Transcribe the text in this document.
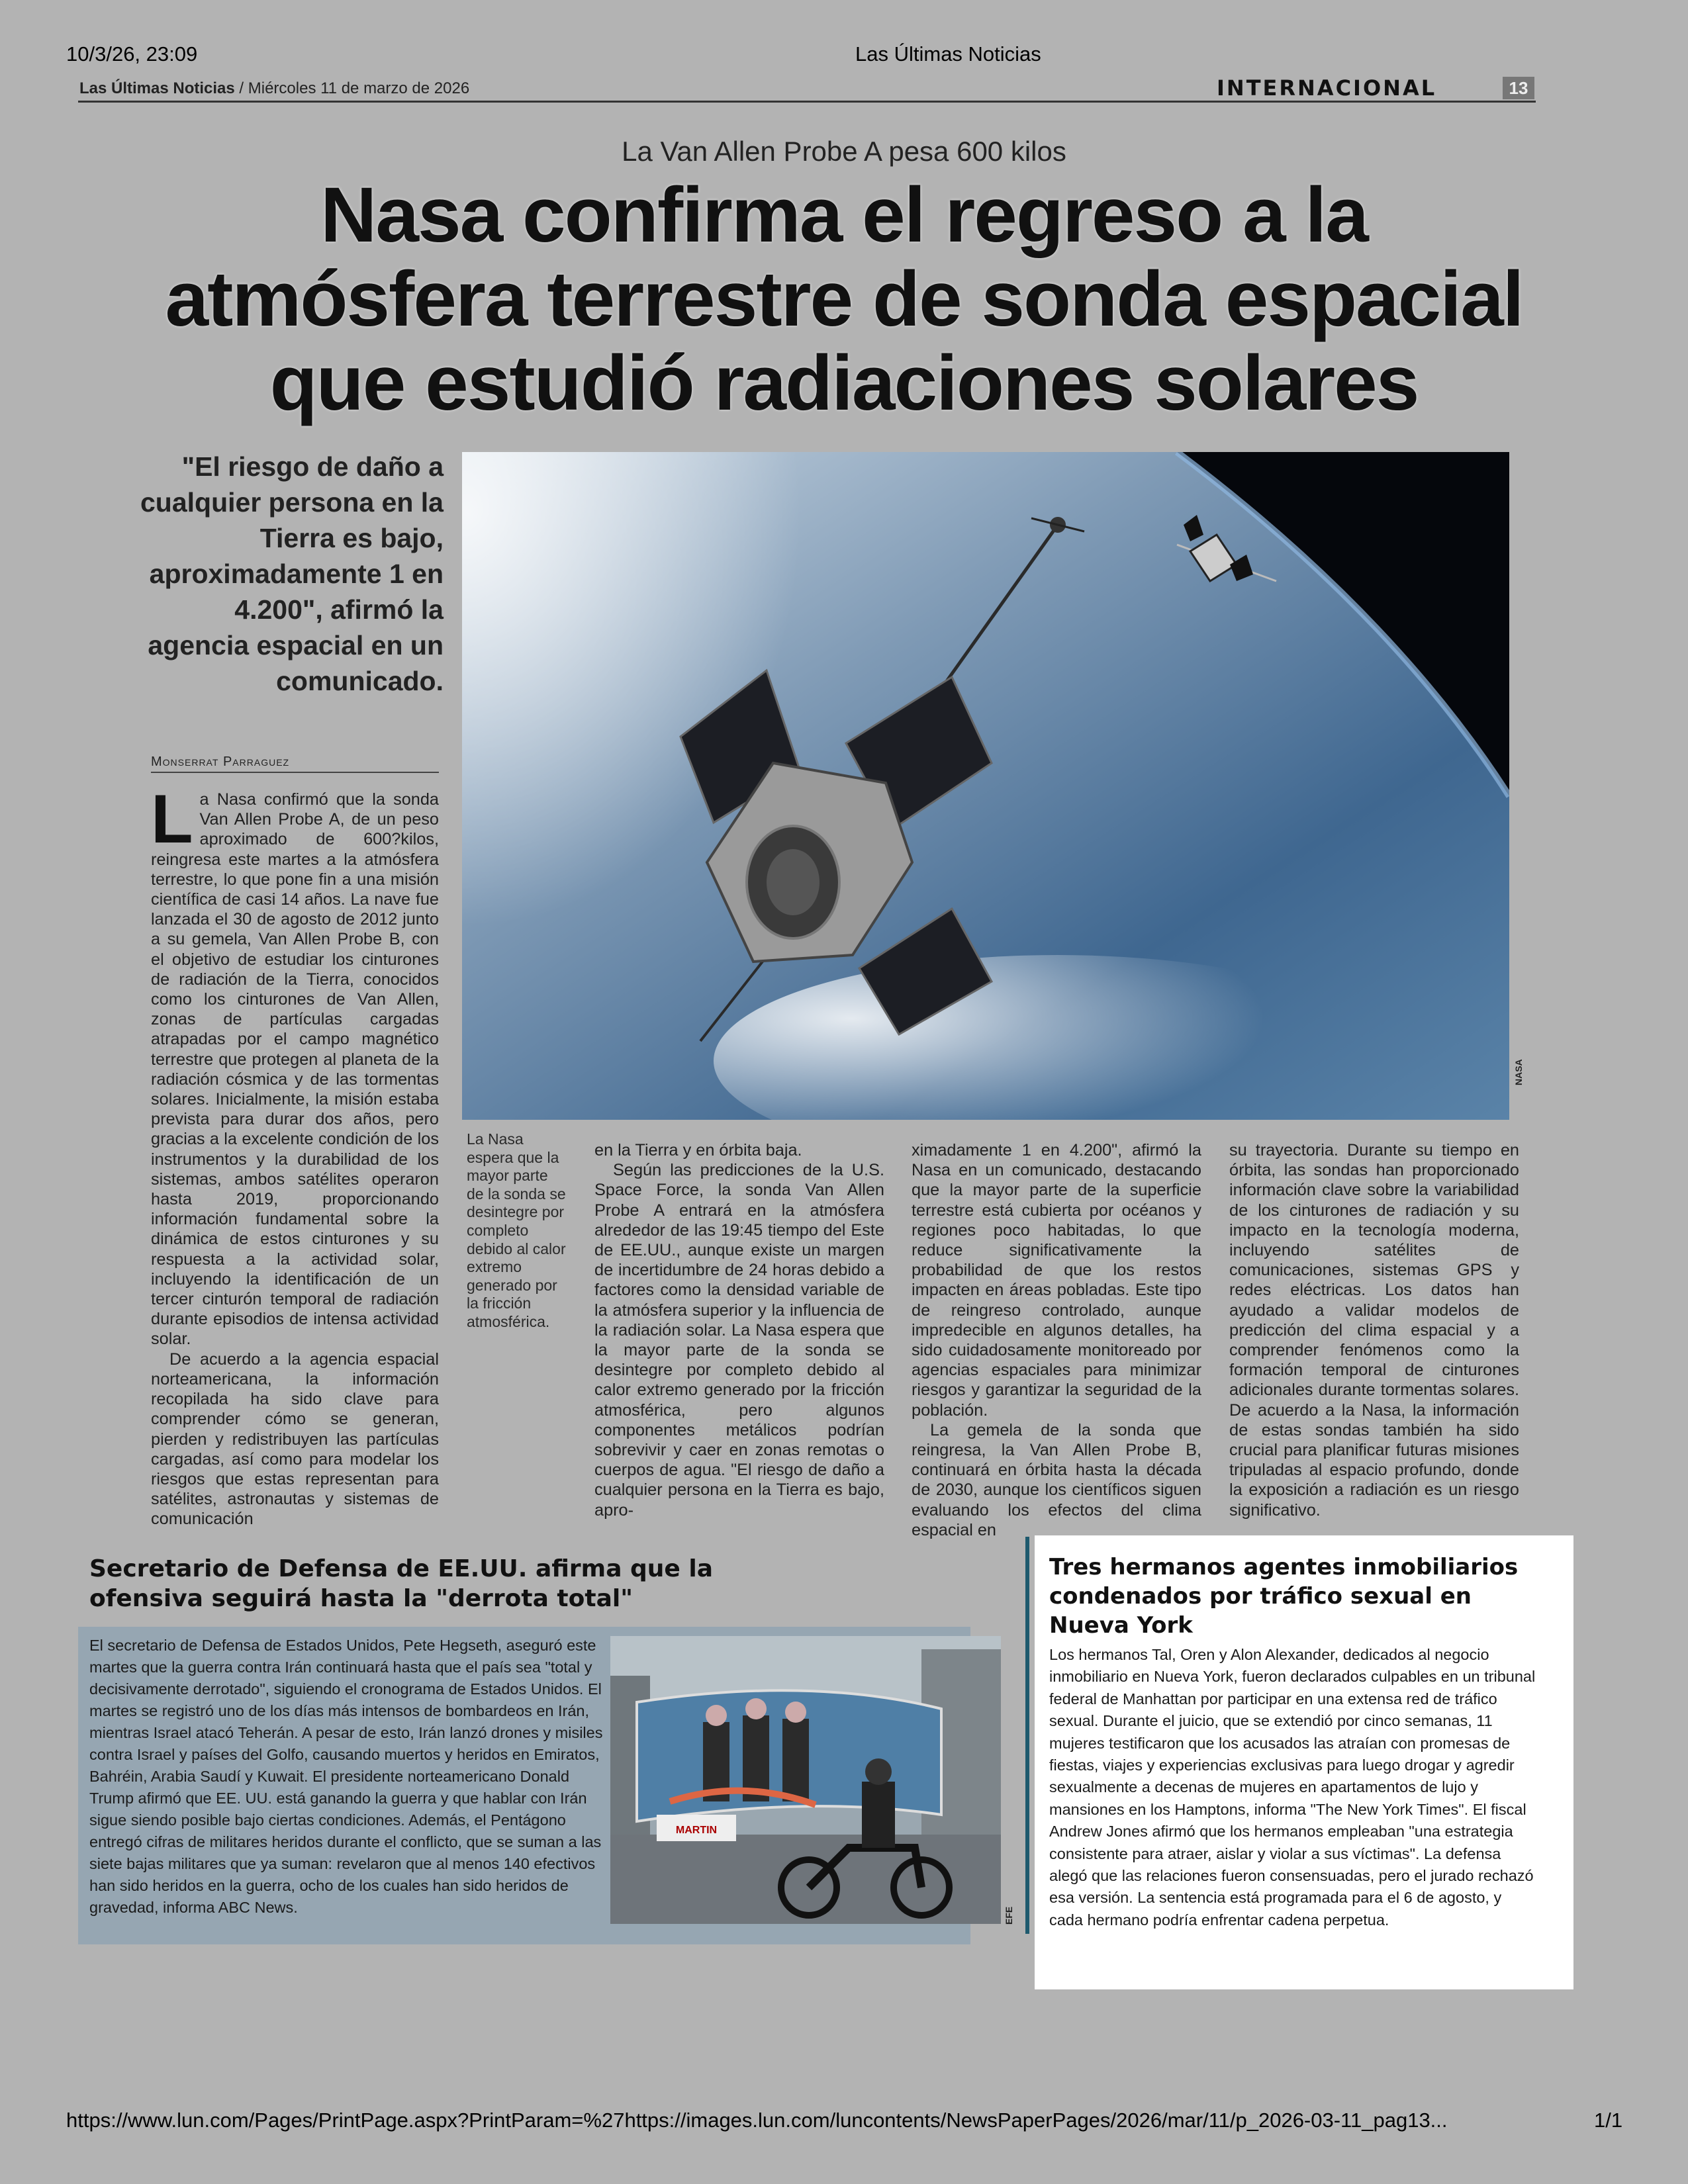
10/3/26, 23:09	Las Últimas Noticias
https://www.lun.com/Pages/PrintPage.aspx?PrintParam=%27https://images.lun.com/luncontents/NewsPaperPages/2026/mar/11/p_2026-03-11_pag13...	1/1
Las Últimas Noticias / Miércoles 11 de marzo de 2026	INTERNACIONAL	13
La Van Allen Probe A pesa 600 kilos
Nasa confirma el regreso a la
atmósfera terrestre de sonda espacial
que estudió radiaciones solares
"El riesgo de daño a cualquier persona en la Tierra es bajo, aproximadamente 1 en 4.200", afirmó la agencia espacial en un comunicado.
NASA
Monserrat Parraguez

La Nasa confirmó que la sonda Van Allen Probe A, de un peso aproximado de 600?kilos, reingresa este martes a la atmósfera terrestre, lo que pone fin a una misión científica de casi 14 años. La nave fue lanzada el 30 de agosto de 2012 junto a su gemela, Van Allen Probe B, con el objetivo de estudiar los cinturones de radiación de la Tierra, conocidos como los cinturones de Van Allen, zonas de partículas cargadas atrapadas por el campo magnético terrestre que protegen al planeta de la radiación cósmica y de las tormentas solares. Inicialmente, la misión estaba prevista para durar dos años, pero gracias a la excelente condición de los instrumentos y la durabilidad de los sistemas, ambos satélites operaron hasta 2019, proporcionando información fundamental sobre la dinámica de estos cinturones y su respuesta a la actividad solar, incluyendo la identificación de un tercer cinturón temporal de radiación durante episodios de intensa actividad solar.

De acuerdo a la agencia espacial norteamericana, la información recopilada ha sido clave para comprender cómo se generan, pierden y redistribuyen las partículas cargadas, así como para modelar los riesgos que estas representan para satélites, astronautas y sistemas de comunicación

La Nasa espera que la mayor parte de la sonda se desintegre por completo debido al calor extremo generado por la fricción atmosférica.

en la Tierra y en órbita baja.

Según las predicciones de la U.S. Space Force, la sonda Van Allen Probe A entrará en la atmósfera alrededor de las 19:45 tiempo del Este de EE.UU., aunque existe un margen de incertidumbre de 24 horas debido a factores como la densidad variable de la atmósfera superior y la influencia de la radiación solar. La Nasa espera que la mayor parte de la sonda se desintegre por completo debido al calor extremo generado por la fricción atmosférica, pero algunos componentes metálicos podrían sobrevivir y caer en zonas remotas o cuerpos de agua. "El riesgo de daño a cualquier persona en la Tierra es bajo, apro-

ximadamente 1 en 4.200", afirmó la Nasa en un comunicado, destacando que la mayor parte de la superficie terrestre está cubierta por océanos y regiones poco habitadas, lo que reduce significativamente la probabilidad de que los restos impacten en áreas pobladas. Este tipo de reingreso controlado, aunque impredecible en algunos detalles, ha sido cuidadosamente monitoreado por agencias espaciales para minimizar riesgos y garantizar la seguridad de la población.

La gemela de la sonda que reingresa, la Van Allen Probe B, continuará en órbita hasta la década de 2030, aunque los científicos siguen evaluando los efectos del clima espacial en

su trayectoria. Durante su tiempo en órbita, las sondas han proporcionado información clave sobre la variabilidad de los cinturones de radiación y su impacto en la tecnología moderna, incluyendo satélites de comunicaciones, sistemas GPS y redes eléctricas. Los datos han ayudado a validar modelos de predicción del clima espacial y a comprender fenómenos como la formación temporal de cinturones adicionales durante tormentas solares. De acuerdo a la Nasa, la información de estas sondas también ha sido crucial para planificar futuras misiones tripuladas al espacio profundo, donde la exposición a radiación es un riesgo significativo.

Secretario de Defensa de EE.UU. afirma que la ofensiva seguirá hasta la "derrota total"
El secretario de Defensa de Estados Unidos, Pete Hegseth, aseguró este martes que la guerra contra Irán continuará hasta que el país sea "total y decisivamente derrotado", siguiendo el cronograma de Estados Unidos. El martes se registró uno de los días más intensos de bombardeos en Irán, mientras Israel atacó Teherán. A pesar de esto, Irán lanzó drones y misiles contra Israel y países del Golfo, causando muertos y heridos en Emiratos, Bahréin, Arabia Saudí y Kuwait. El presidente norteamericano Donald Trump afirmó que EE. UU. está ganando la guerra y que hablar con Irán sigue siendo posible bajo ciertas condiciones. Además, el Pentágono entregó cifras de militares heridos durante el conflicto, que se suman a las siete bajas militares que ya suman: revelaron que al menos 140 efectivos han sido heridos en la guerra, ocho de los cuales han sido heridos de gravedad, informa ABC News.
MARTIN
EFE
Tres hermanos agentes inmobiliarios condenados por tráfico sexual en Nueva York
Los hermanos Tal, Oren y Alon Alexander, dedicados al negocio inmobiliario en Nueva York, fueron declarados culpables en un tribunal federal de Manhattan por participar en una extensa red de tráfico sexual. Durante el juicio, que se extendió por cinco semanas, 11 mujeres testificaron que los acusados las atraían con promesas de fiestas, viajes y experiencias exclusivas para luego drogar y agredir sexualmente a decenas de mujeres en apartamentos de lujo y mansiones en los Hamptons, informa "The New York Times". El fiscal Andrew Jones afirmó que los hermanos empleaban "una estrategia consistente para atraer, aislar y violar a sus víctimas". La defensa alegó que las relaciones fueron consensuadas, pero el jurado rechazó esa versión. La sentencia está programada para el 6 de agosto, y cada hermano podría enfrentar cadena perpetua.
